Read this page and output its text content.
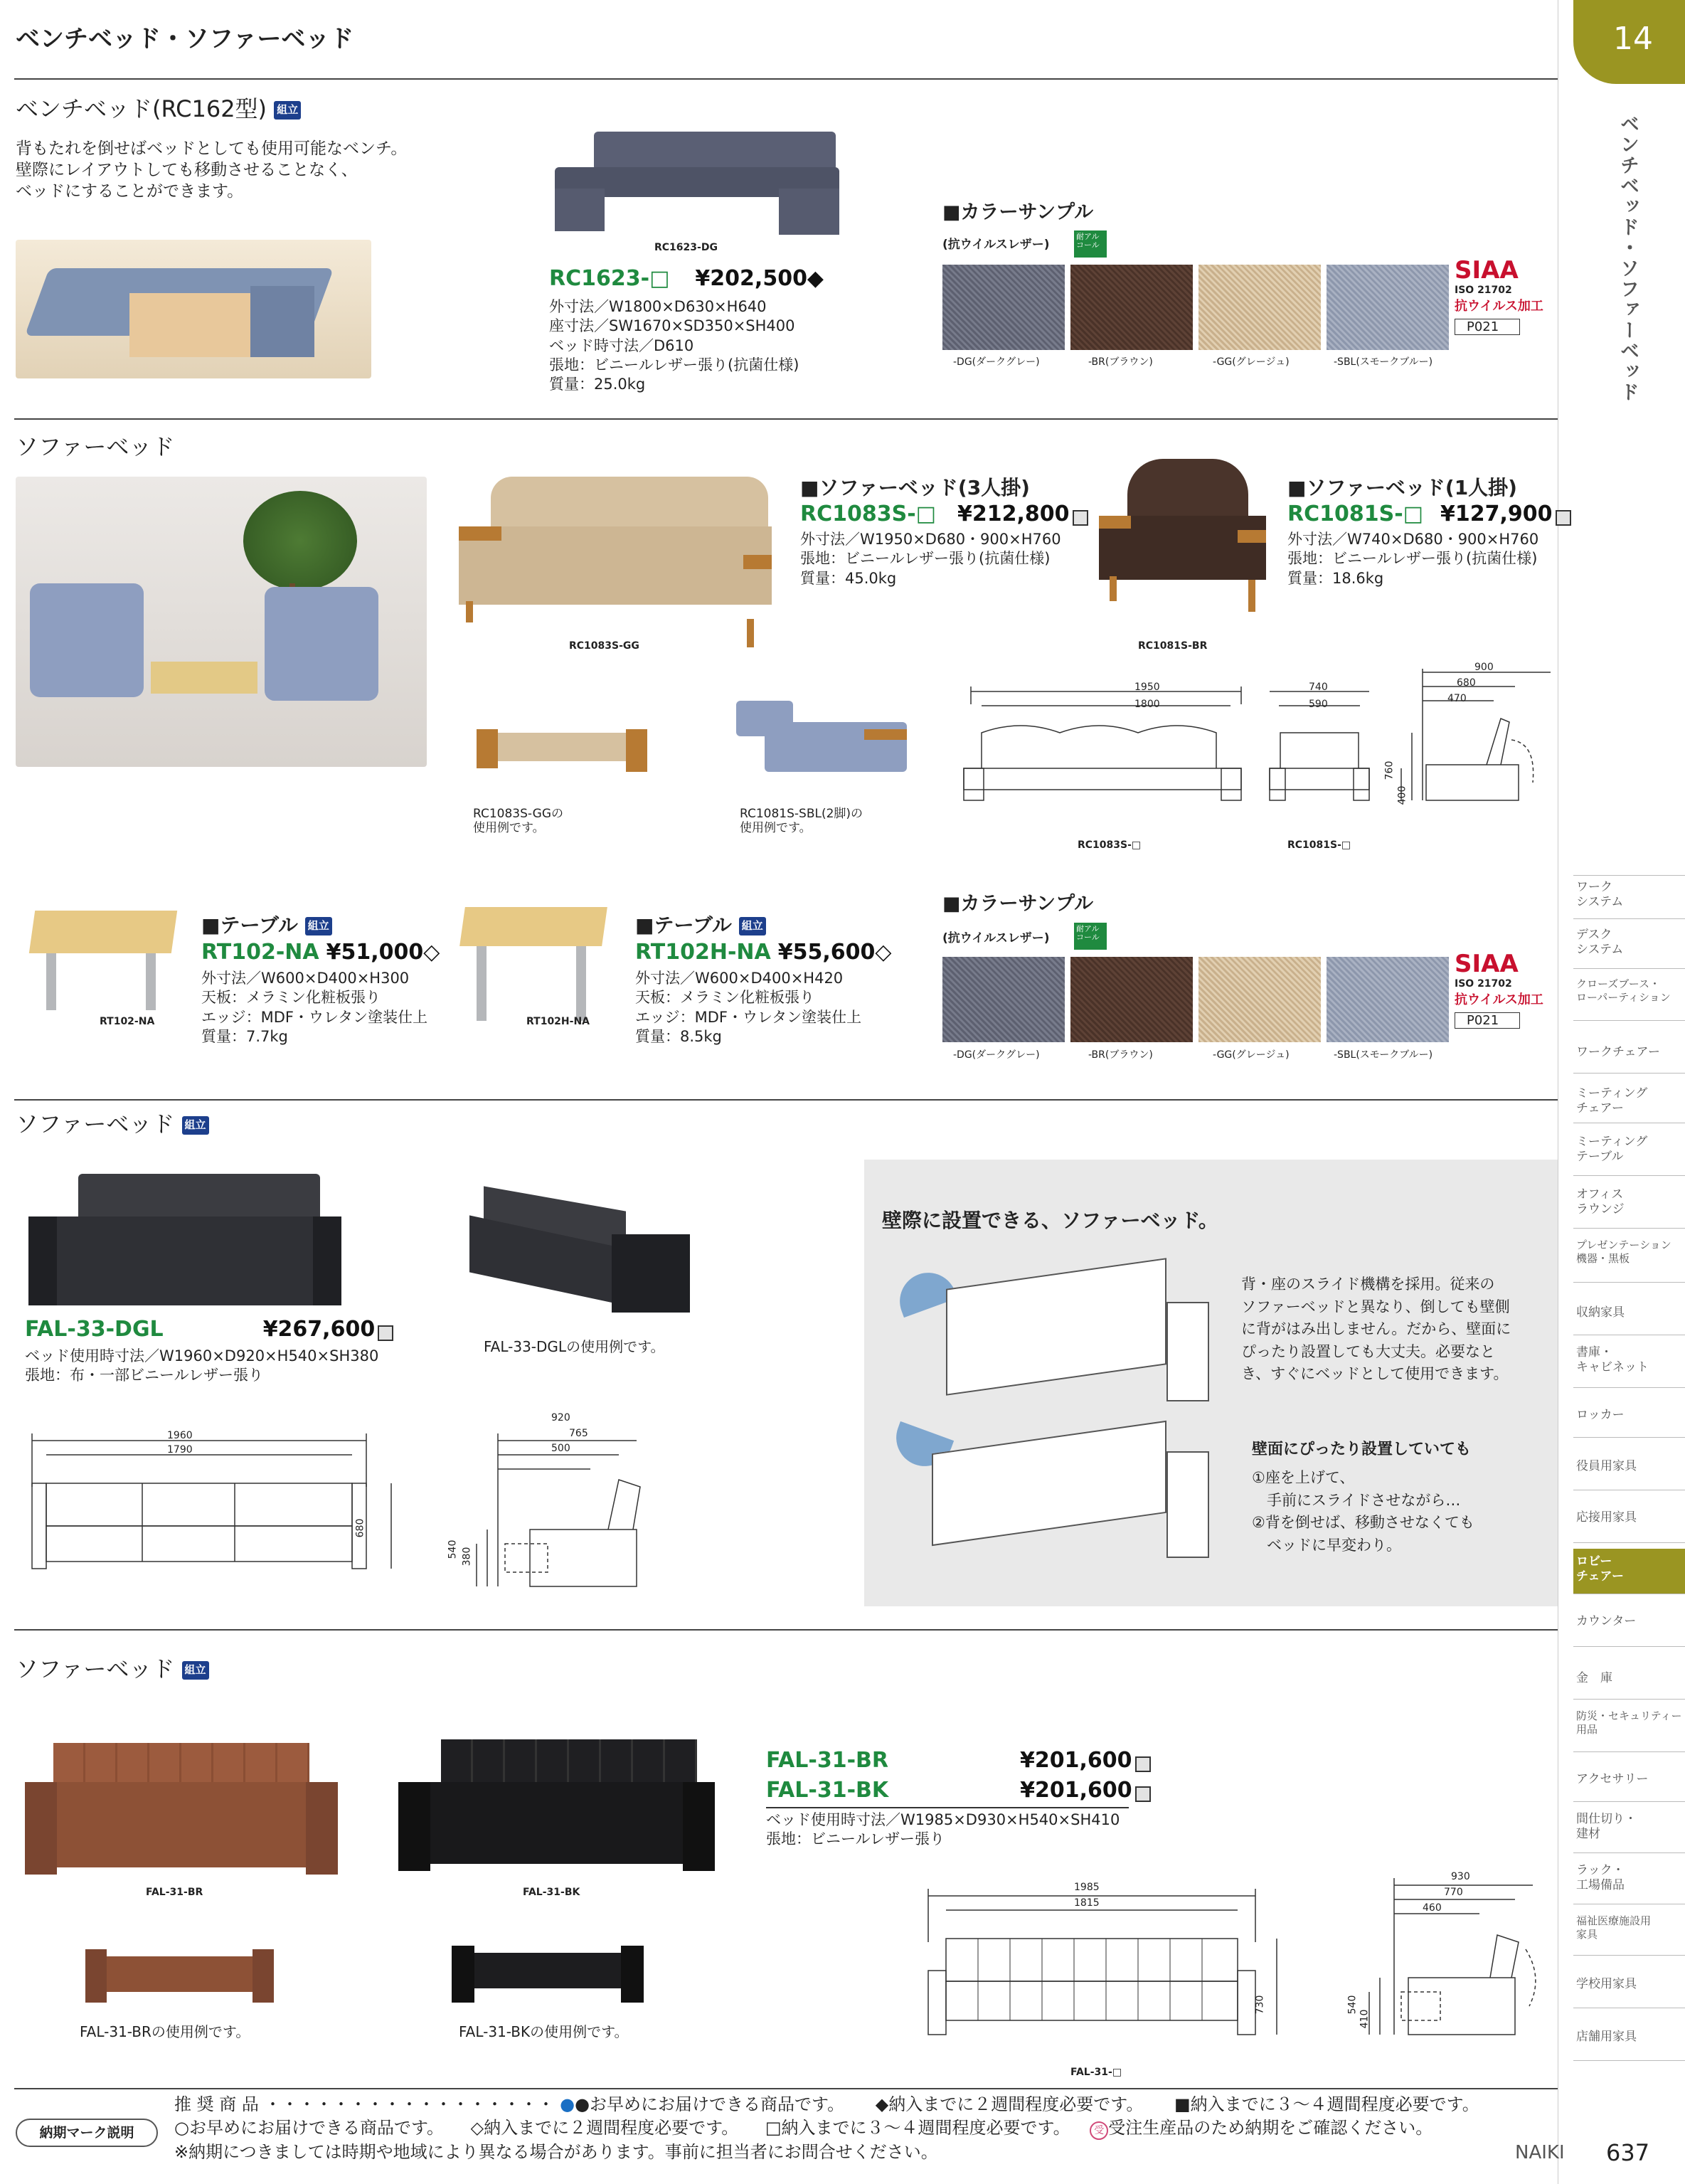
ベンチベッド・ソファーベッド	14
ベンチベッド・ソファーベッド
ベンチベッド(RC162型) 組立
背もたれを倒せばベッドとしても使用可能なベンチ。
壁際にレイアウトしても移動させることなく、
ベッドにすることができます。
RC1623-DG
RC1623-□ ¥202,500◆
外寸法／W1800×D630×H640
座寸法／SW1670×SD350×SH400
ベッド時寸法／D610
張地：ビニールレザー張り(抗菌仕様)
質量：25.0kg
■カラーサンプル
(抗ウイルスレザー)
耐アルコール
-DG(ダークグレー)	-BR(ブラウン)	-GG(グレージュ)	-SBL(スモークブルー)
SIAA
ISO 21702
抗ウイルス加工
P021
ソファーベッド
RC1083S-GG
■ソファーベッド(3人掛)
RC1083S-□ ¥212,800
外寸法／W1950×D680・900×H760
張地：ビニールレザー張り(抗菌仕様)
質量：45.0kg
RC1081S-BR
■ソファーベッド(1人掛)
RC1081S-□ ¥127,900
外寸法／W740×D680・900×H760
張地：ビニールレザー張り(抗菌仕様)
質量：18.6kg
RC1083S-GGの
使用例です。
RC1081S-SBL(2脚)の
使用例です。
1950
1800
740
590
900
680
470
760
400
RC1083S-□	RC1081S-□
RT102-NA
■テーブル 組立
RT102-NA ¥51,000◇
外寸法／W600×D400×H300
天板：メラミン化粧板張り
エッジ：MDF・ウレタン塗装仕上
質量：7.7kg
RT102H-NA
■テーブル 組立
RT102H-NA ¥55,600◇
外寸法／W600×D400×H420
天板：メラミン化粧板張り
エッジ：MDF・ウレタン塗装仕上
質量：8.5kg
■カラーサンプル
(抗ウイルスレザー)
耐アルコール
-DG(ダークグレー)	-BR(ブラウン)	-GG(グレージュ)	-SBL(スモークブルー)
SIAA
ISO 21702
抗ウイルス加工
P021
ソファーベッド 組立
FAL-33-DGL	¥267,600
ベッド使用時寸法／W1960×D920×H540×SH380
張地：布・一部ビニールレザー張り
FAL-33-DGLの使用例です。
1960
1790
680
920
765
500
540 380
壁際に設置できる、ソファーベッド。
背・座のスライド機構を採用。従来の
ソファーベッドと異なり、倒しても壁側
に背がはみ出しません。だから、壁面に
ぴったり設置しても大丈夫。必要なと
き、すぐにベッドとして使用できます。
壁面にぴったり設置していても
①座を上げて、
　手前にスライドさせながら…
②背を倒せば、移動させなくても
　ベッドに早変わり。
ソファーベッド 組立
FAL-31-BR	FAL-31-BK
FAL-31-BR	¥201,600
FAL-31-BK	¥201,600
ベッド使用時寸法／W1985×D930×H540×SH410
張地：ビニールレザー張り
FAL-31-BRの使用例です。	FAL-31-BKの使用例です。
1985
1815
730
930
770
460
540
410
FAL-31-□
ワーク
システム
デスク
システム
クローズブース・
ローパーティション
ワークチェアー
ミーティング
チェアー
ミーティング
テーブル
オフィス
ラウンジ
プレゼンテーション
機器・黒板
収納家具
書庫・
キャビネット
ロッカー
役員用家具
応接用家具
ロビー
チェアー
カウンター
金　庫
防災・セキュリティー
用品
アクセサリー
間仕切り・
建材
ラック・
工場備品
福祉医療施設用
家具
学校用家具
店舗用家具
納期マーク説明
推 奨 商 品 ・・・・・・・・・・・・・・・・・ ●●お早めにお届けできる商品です。 ◆納入までに２週間程度必要です。 ■納入までに３〜４週間程度必要です。
○お早めにお届けできる商品です。 ◇納入までに２週間程度必要です。 □納入までに３〜４週間程度必要です。 受 受注生産品のため納期をご確認ください。
※納期につきましては時期や地域により異なる場合があります。事前に担当者にお問合せください。	NAIKI 637
